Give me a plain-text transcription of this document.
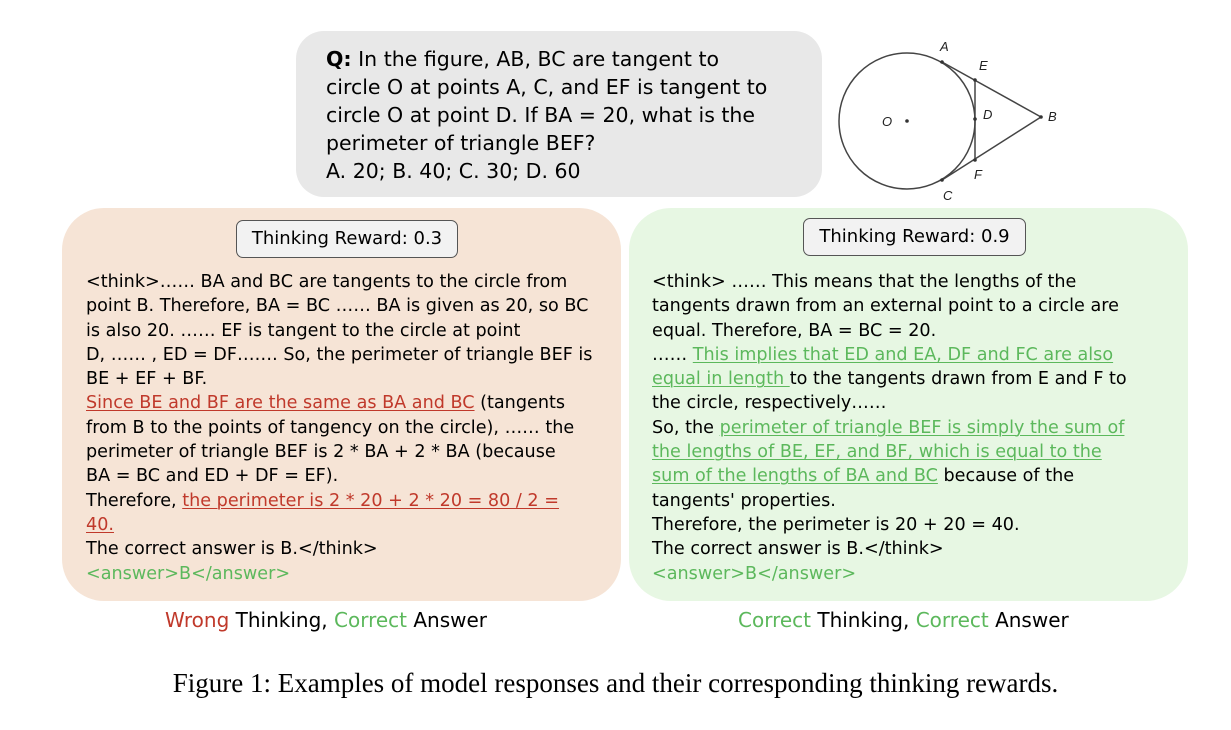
Q: In the figure, AB, BC are tangent to
circle O at points A, C, and EF is tangent to
circle O at point D. If BA = 20, what is the
perimeter of triangle BEF?
A. 20; B. 40; C. 30; D. 60
A
E
D	B
O
F
C
Thinking Reward: 0.3
<think>…… BA and BC are tangents to the circle from
point B. Therefore, BA = BC …… BA is given as 20, so BC
is also 20. …… EF is tangent to the circle at point
D, …… , ED = DF……. So, the perimeter of triangle BEF is
BE + EF + BF.
Since BE and BF are the same as BA and BC (tangents
from B to the points of tangency on the circle), …… the
perimeter of triangle BEF is 2 * BA + 2 * BA (because
BA = BC and ED + DF = EF).
Therefore, the perimeter is 2 * 20 + 2 * 20 = 80 / 2 =
40.
The correct answer is B.</think>
<answer>B</answer>
Thinking Reward: 0.9
<think> …… This means that the lengths of the
tangents drawn from an external point to a circle are
equal. Therefore, BA = BC = 20.
…… This implies that ED and EA, DF and FC are also
equal in length to the tangents drawn from E and F to
the circle, respectively……
So, the perimeter of triangle BEF is simply the sum of
the lengths of BE, EF, and BF, which is equal to the
sum of the lengths of BA and BC because of the
tangents' properties.
Therefore, the perimeter is 20 + 20 = 40.
The correct answer is B.</think>
<answer>B</answer>
Wrong Thinking, Correct Answer	Correct Thinking, Correct Answer
Figure 1: Examples of model responses and their corresponding thinking rewards.
